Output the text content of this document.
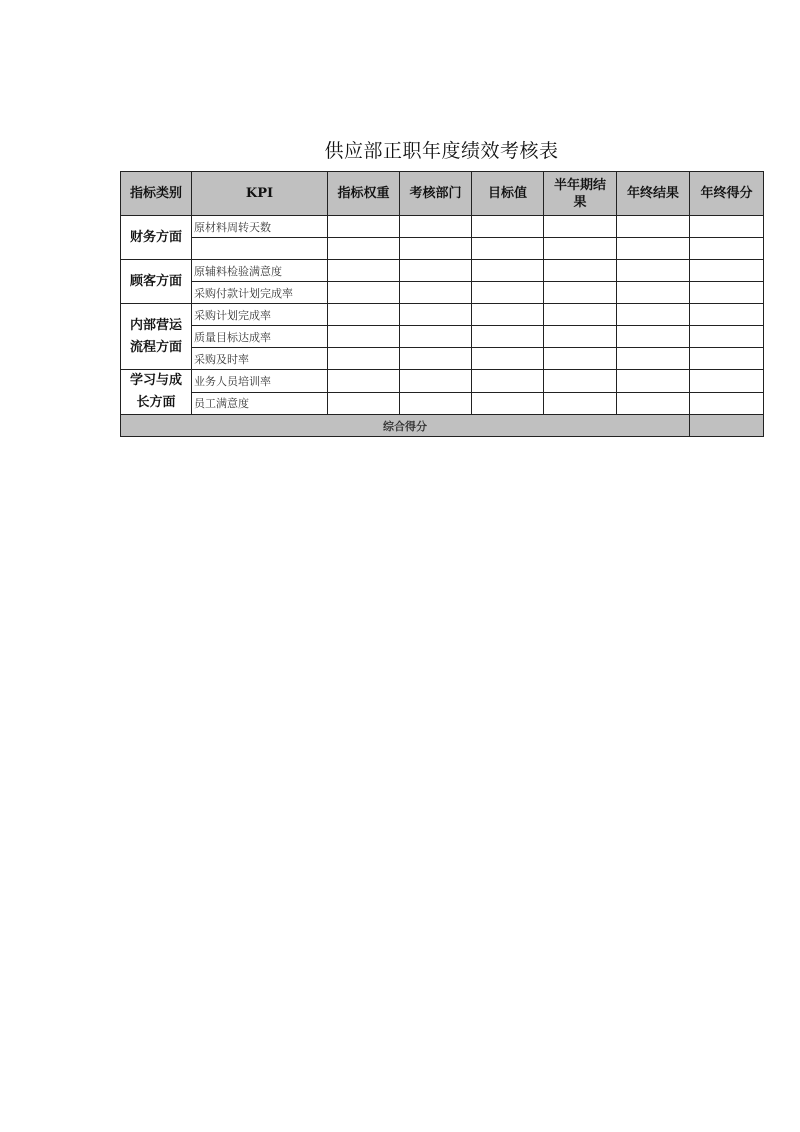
供应部正职年度绩效考核表
指标类别	KPI	指标权重	考核部门	目标值	半年期结果	年终结果	年终得分
财务方面	原材料周转天数						

顾客方面	原辅料检验满意度						
	采购付款计划完成率						
内部营运流程方面	采购计划完成率						
	质量目标达成率						
	采购及时率						
学习与成长方面	业务人员培训率						
	员工满意度						
综合得分							
